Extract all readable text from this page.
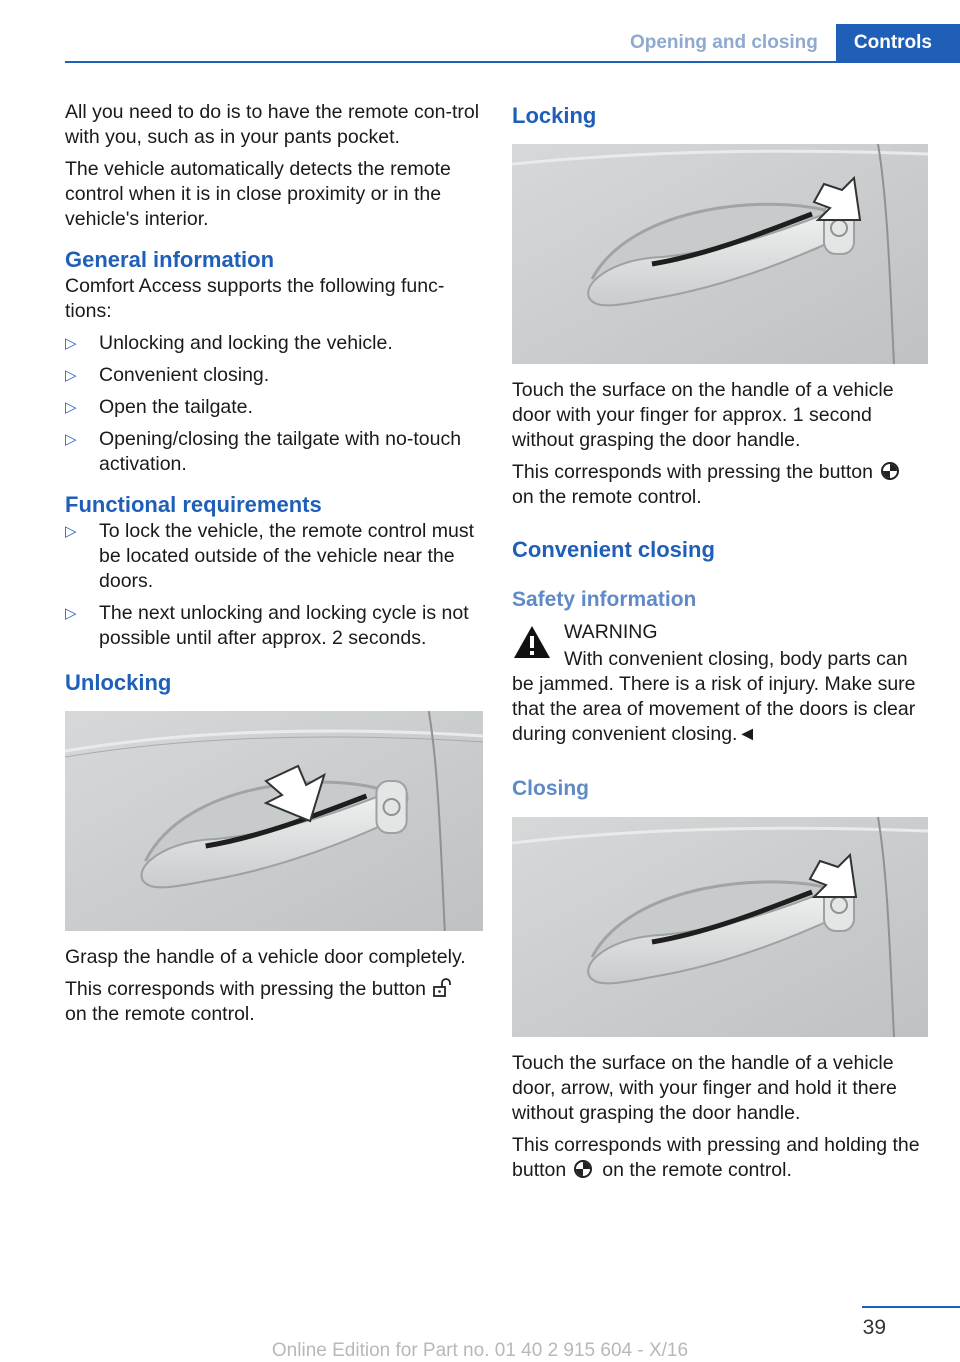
Opening and closing	Controls

All you need to do is to have the remote con-trol with you, such as in your pants pocket.

The vehicle automatically detects the remote control when it is in close proximity or in the vehicle's interior.

General information

Comfort Access supports the following func-tions:

▷	Unlocking and locking the vehicle.
▷	Convenient closing.
▷	Open the tailgate.
▷	Opening/closing the tailgate with no-touch activation.
Functional requirements
▷	To lock the vehicle, the remote control must be located outside of the vehicle near the doors.
▷	The next unlocking and locking cycle is not possible until after approx. 2 seconds.
Unlocking

Grasp the handle of a vehicle door completely.

This corresponds with pressing the buttonon the remote control.

Locking

Touch the surface on the handle of a vehicle door with your finger for approx. 1 second without grasping the door handle.

This corresponds with pressing the buttonon the remote control.

Convenient closing
Safety information
WARNING

With convenient closing, body parts can

be jammed. There is a risk of injury. Make sure that the area of movement of the doors is clear during convenient closing.◄

Closing

Touch the surface on the handle of a vehicle door, arrow, with your finger and hold it there without grasping the door handle.

This corresponds with pressing and holding the button on the remote control.

39
Online Edition for Part no. 01 40 2 915 604 - X/16
